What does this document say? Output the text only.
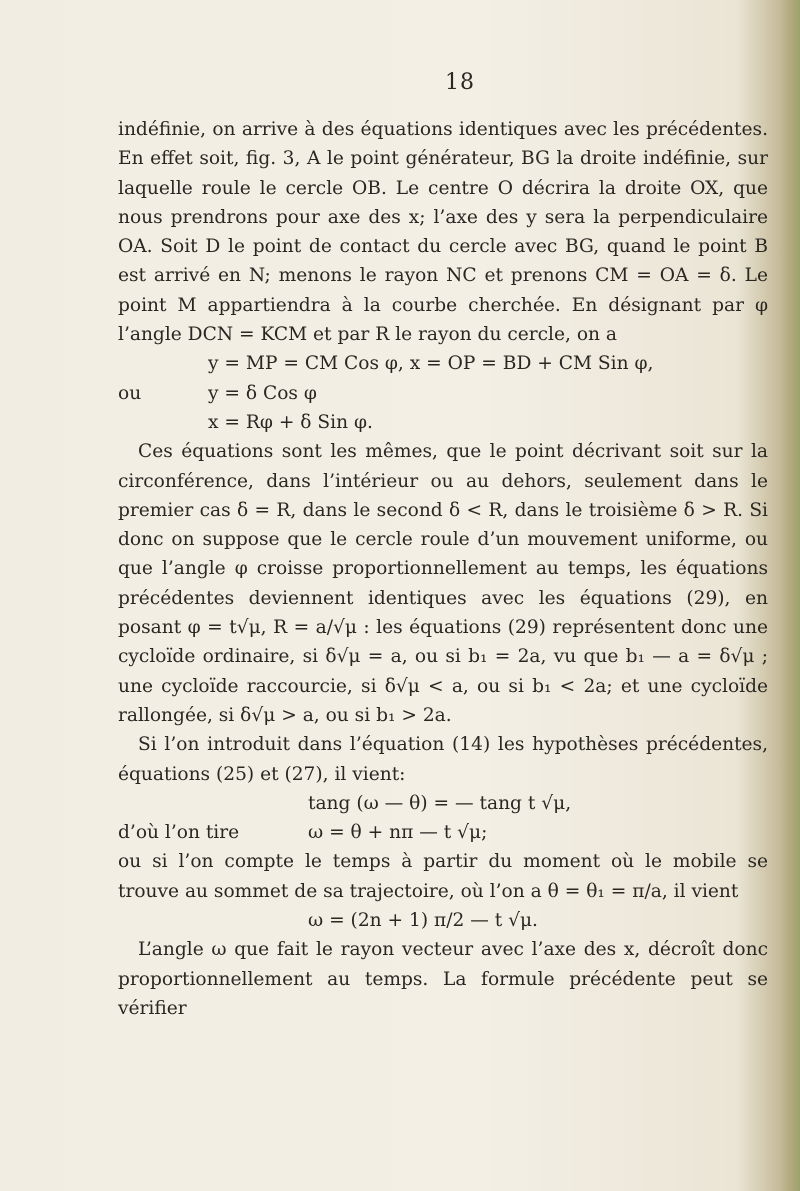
18

indéfinie, on arrive à des équations identiques avec les précédentes. En effet soit, fig. 3, A le point générateur, BG la droite indéfinie, sur laquelle roule le cercle OB. Le centre O décrira la droite OX, que nous prendrons pour axe des x; l’axe des y sera la perpendiculaire OA. Soit D le point de contact du cercle avec BG, quand le point B est arrivé en N; menons le rayon NC et prenons CM = OA = δ. Le point M appartiendra à la courbe cherchée. En désignant par φ l’angle DCN = KCM et par R le rayon du cercle, on a

y = MP = CM Cos φ, x = OP = BD + CM Sin φ,
ou	y = δ Cos φ
x = Rφ + δ Sin φ.

Ces équations sont les mêmes, que le point décrivant soit sur la circonférence, dans l’intérieur ou au dehors, seulement dans le premier cas δ = R, dans le second δ < R, dans le troisième δ > R. Si donc on suppose que le cercle roule d’un mouvement uniforme, ou que l’angle φ croisse proportionnellement au temps, les équations précédentes deviennent identiques avec les équations (29), en posant φ = t√μ, R = a/√μ : les équations (29) représentent donc une cycloïde ordinaire, si δ√μ = a, ou si b₁ = 2a, vu que b₁ — a = δ√μ ; une cycloïde raccourcie, si δ√μ < a, ou si b₁ < 2a; et une cycloïde rallongée, si δ√μ > a, ou si b₁ > 2a.

Si l’on introduit dans l’équation (14) les hypothèses précédentes, équations (25) et (27), il vient:

tang (ω — θ) = — tang t √μ,
d’où l’on tire	ω = θ + nπ — t √μ;

ou si l’on compte le temps à partir du moment où le mobile se trouve au sommet de sa trajectoire, où l’on a θ = θ₁ = π/a, il vient

ω = (2n + 1) π/2 — t √μ.

L’angle ω que fait le rayon vecteur avec l’axe des x, décroît donc proportionnellement au temps. La formule précédente peut se vérifier
